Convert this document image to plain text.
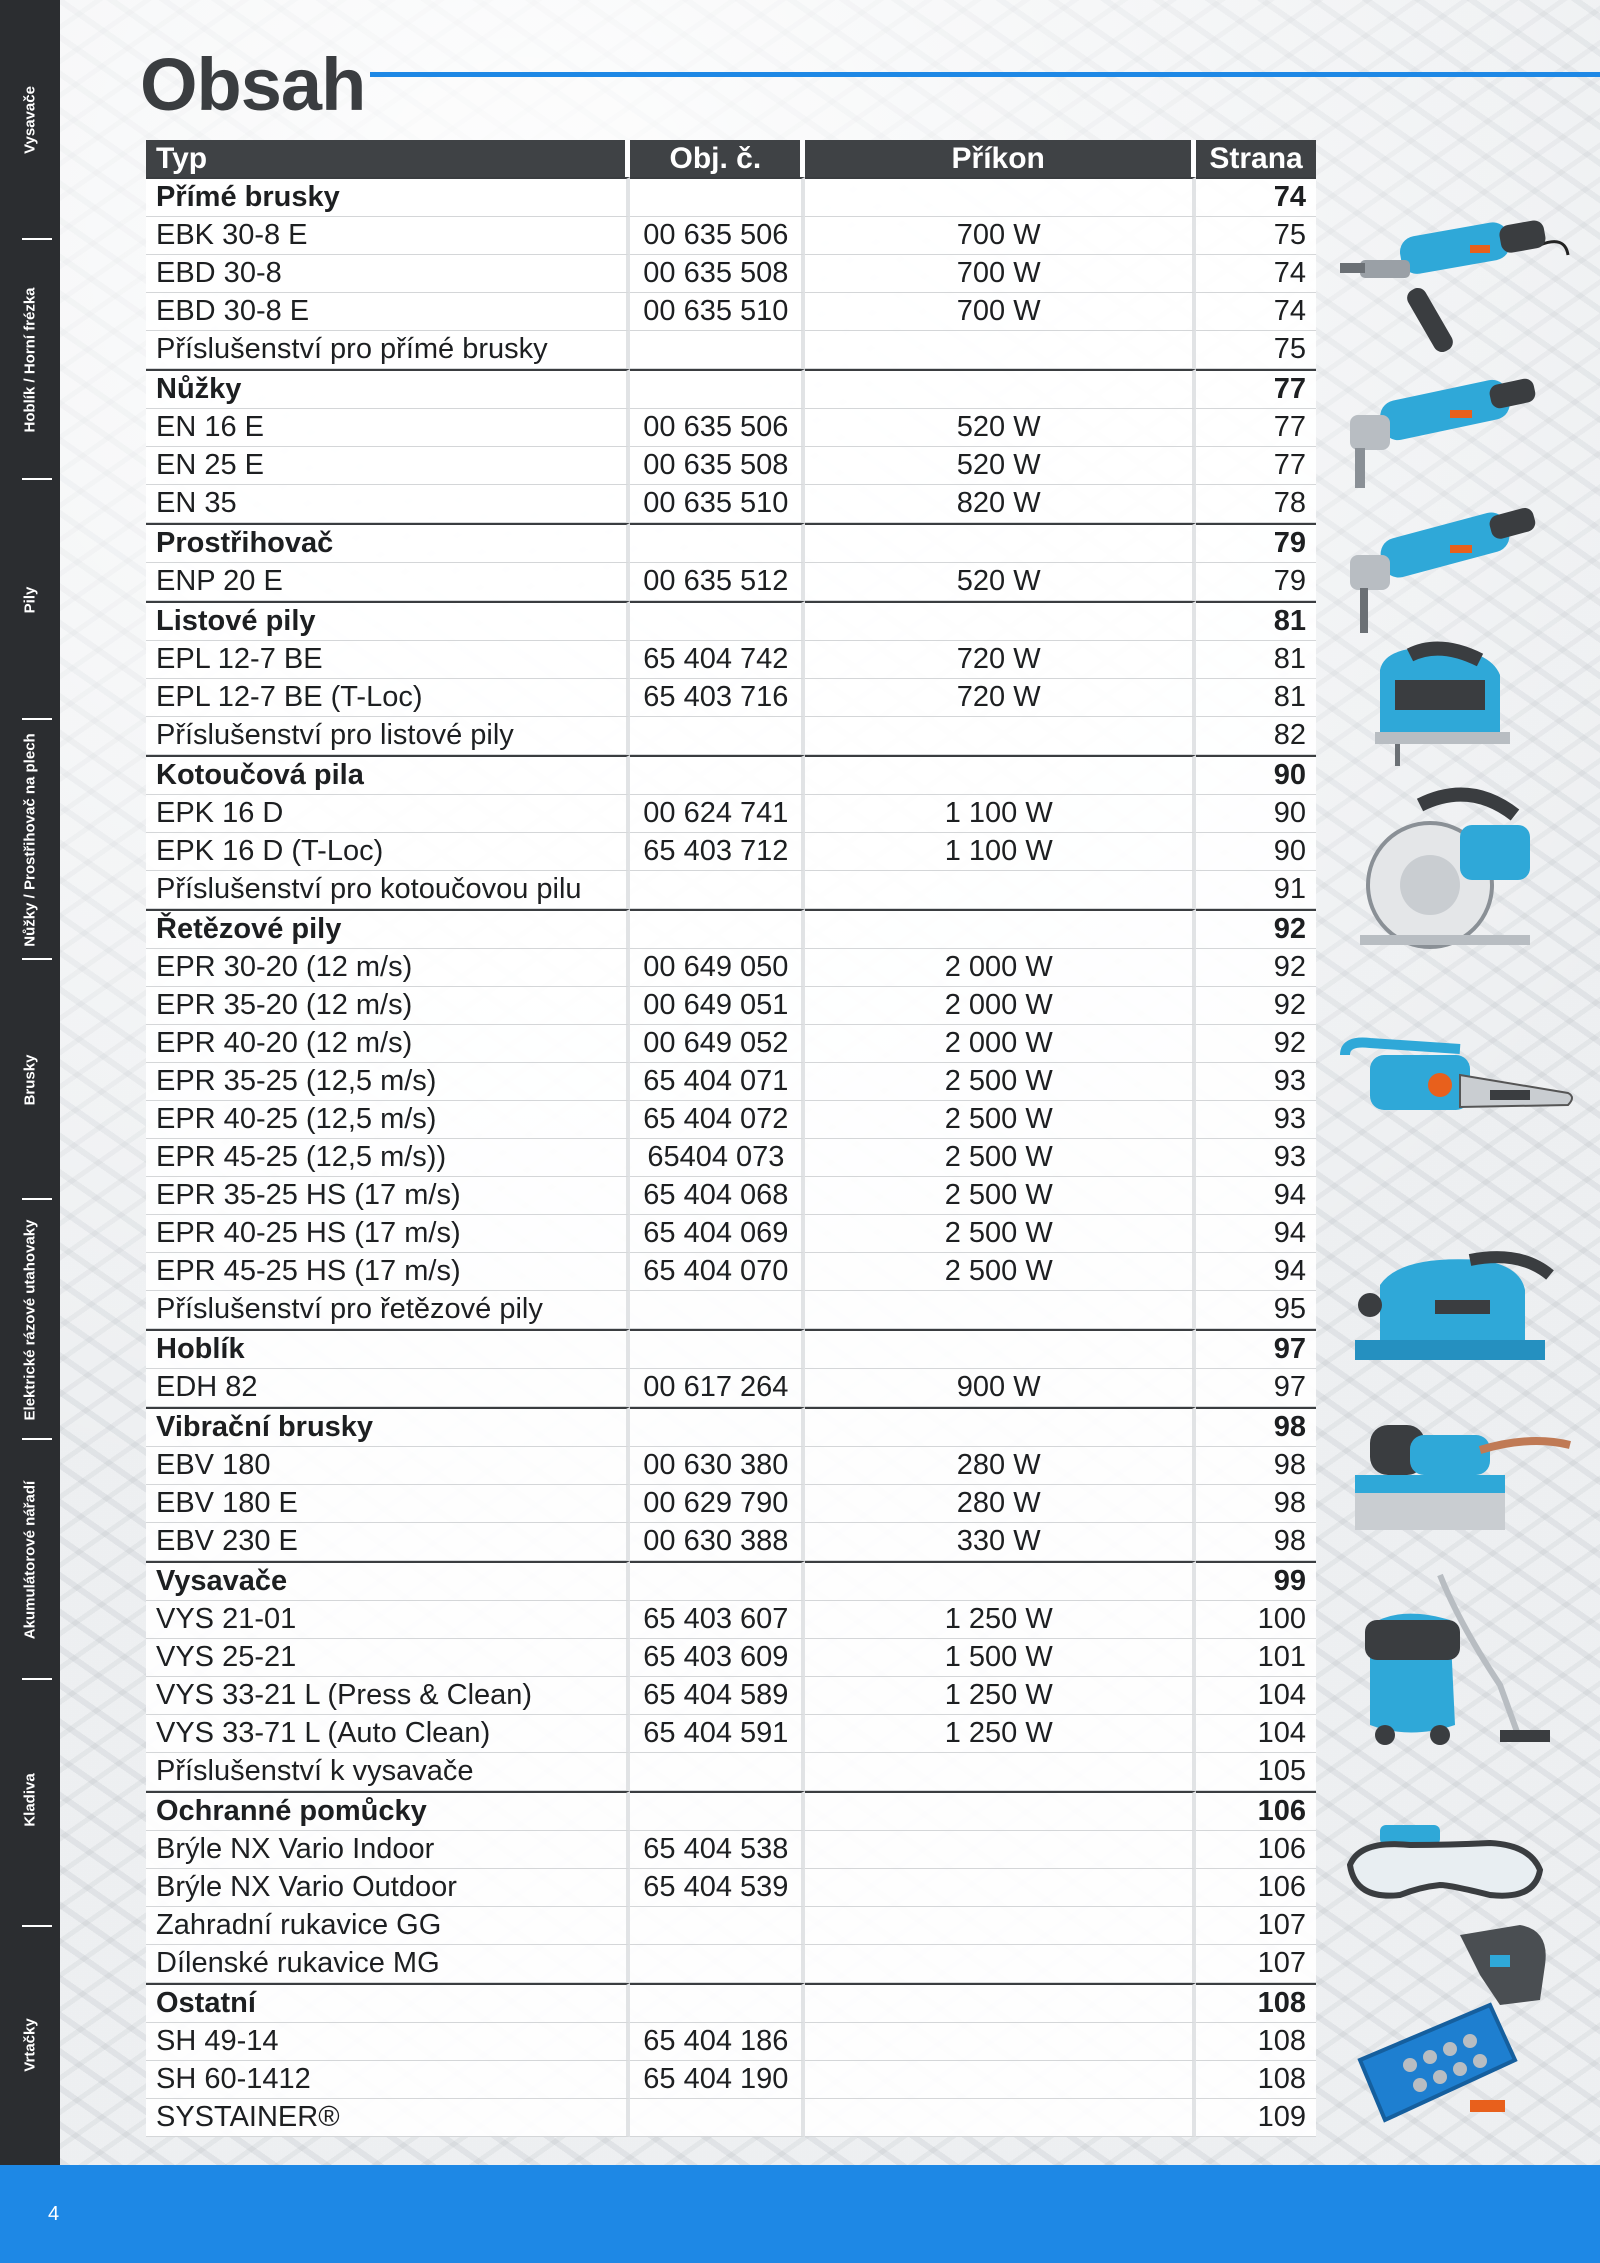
Vysavače
Hoblík / Horní frézka
Pily
Nůžky / Prostřihovač na plech
Brusky
Elektrické rázové utahovaky
Akumulátorové nářadí
Kladiva
Vrtačky
Obsah
Typ	Obj. č.	Příkon	Strana
Přímé brusky			74
EBK 30-8 E	00 635 506	700 W	75
EBD 30-8	00 635 508	700 W	74
EBD 30-8 E	00 635 510	700 W	74
Příslušenství pro přímé brusky			75
Nůžky			77
EN 16 E	00 635 506	520 W	77
EN 25 E	00 635 508	520 W	77
EN 35	00 635 510	820 W	78
Prostřihovač			79
ENP 20 E	00 635 512	520 W	79
Listové pily			81
EPL 12-7 BE	65 404 742	720 W	81
EPL 12-7 BE (T-Loc)	65 403 716	720 W	81
Příslušenství pro listové pily			82
Kotoučová pila			90
EPK 16 D	00 624 741	1 100 W	90
EPK 16 D (T-Loc)	65 403 712	1 100 W	90
Příslušenství pro kotoučovou pilu			91
Řetězové pily			92
EPR 30-20 (12 m/s)	00 649 050	2 000 W	92
EPR 35-20 (12 m/s)	00 649 051	2 000 W	92
EPR 40-20 (12 m/s)	00 649 052	2 000 W	92
EPR 35-25 (12,5 m/s)	65 404 071	2 500 W	93
EPR 40-25 (12,5 m/s)	65 404 072	2 500 W	93
EPR 45-25 (12,5 m/s))	65404 073	2 500 W	93
EPR 35-25 HS (17 m/s)	65 404 068	2 500 W	94
EPR 40-25 HS (17 m/s)	65 404 069	2 500 W	94
EPR 45-25 HS (17 m/s)	65 404 070	2 500 W	94
Příslušenství pro řetězové pily			95
Hoblík			97
EDH 82	00 617 264	900 W	97
Vibrační brusky			98
EBV 180	00 630 380	280 W	98
EBV 180 E	00 629 790	280 W	98
EBV 230 E	00 630 388	330 W	98
Vysavače			99
VYS 21-01	65 403 607	1 250 W	100
VYS 25-21	65 403 609	1 500 W	101
VYS 33-21 L (Press & Clean)	65 404 589	1 250 W	104
VYS 33-71 L (Auto Clean)	65 404 591	1 250 W	104
Příslušenství k vysavače			105
Ochranné pomůcky			106
Brýle NX Vario Indoor	65 404 538		106
Brýle NX Vario Outdoor	65 404 539		106
Zahradní rukavice GG			107
Dílenské rukavice MG			107
Ostatní			108
SH 49-14	65 404 186		108
SH 60-1412	65 404 190		108
SYSTAINER®			109
4
